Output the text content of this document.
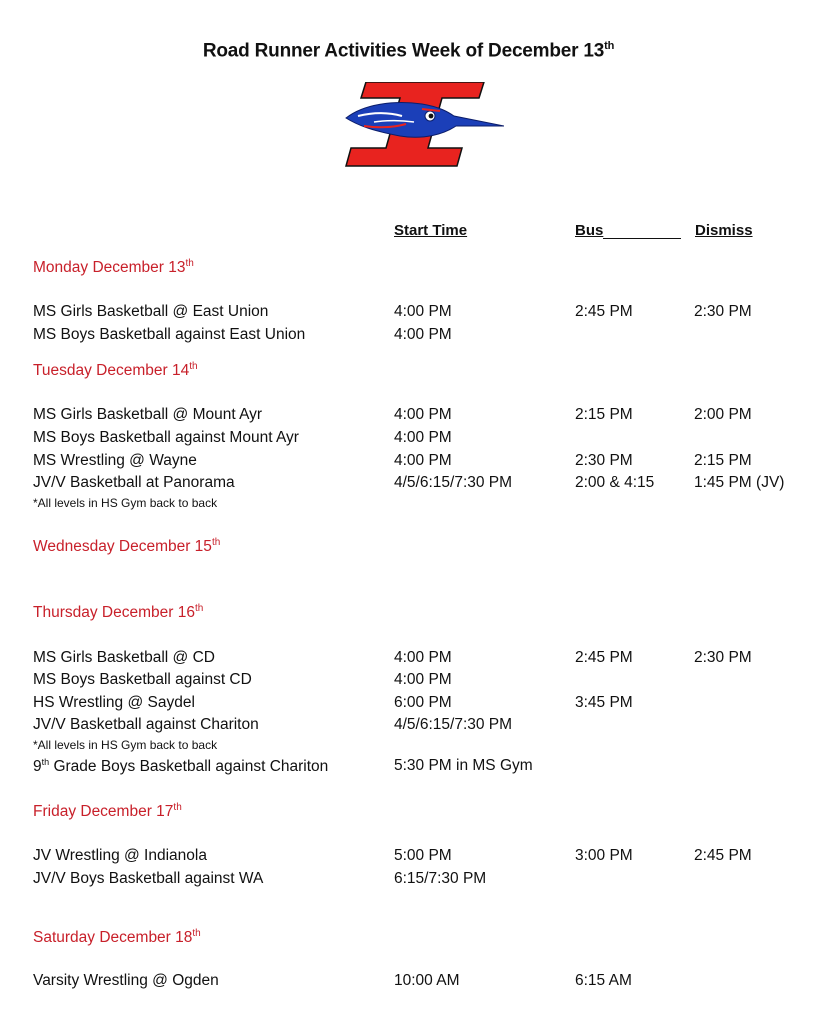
Road Runner Activities Week of December 13th
Start Time	Bus	Dismiss
Monday December 13th
MS Girls Basketball @ East Union	4:00 PM	2:45 PM	2:30 PM
MS Boys Basketball against East Union	4:00 PM
Tuesday December 14th
MS Girls Basketball @ Mount Ayr	4:00 PM	2:15 PM	2:00 PM
MS Boys Basketball against Mount Ayr	4:00 PM
MS Wrestling @ Wayne	4:00 PM	2:30 PM	2:15 PM
JV/V Basketball at Panorama	4/5/6:15/7:30 PM	2:00 & 4:15	1:45 PM (JV)
*All levels in HS Gym back to back
Wednesday December 15th
Thursday December 16th
MS Girls Basketball @ CD	4:00 PM	2:45 PM	2:30 PM
MS Boys Basketball against CD	4:00 PM
HS Wrestling @ Saydel	6:00 PM	3:45 PM
JV/V Basketball against Chariton	4/5/6:15/7:30 PM
*All levels in HS Gym back to back
9th Grade Boys Basketball against Chariton	5:30 PM in MS Gym
Friday December 17th
JV Wrestling @ Indianola	5:00 PM	3:00 PM	2:45 PM
JV/V Boys Basketball against WA	6:15/7:30 PM
Saturday December 18th
Varsity Wrestling @ Ogden	10:00 AM	6:15 AM
